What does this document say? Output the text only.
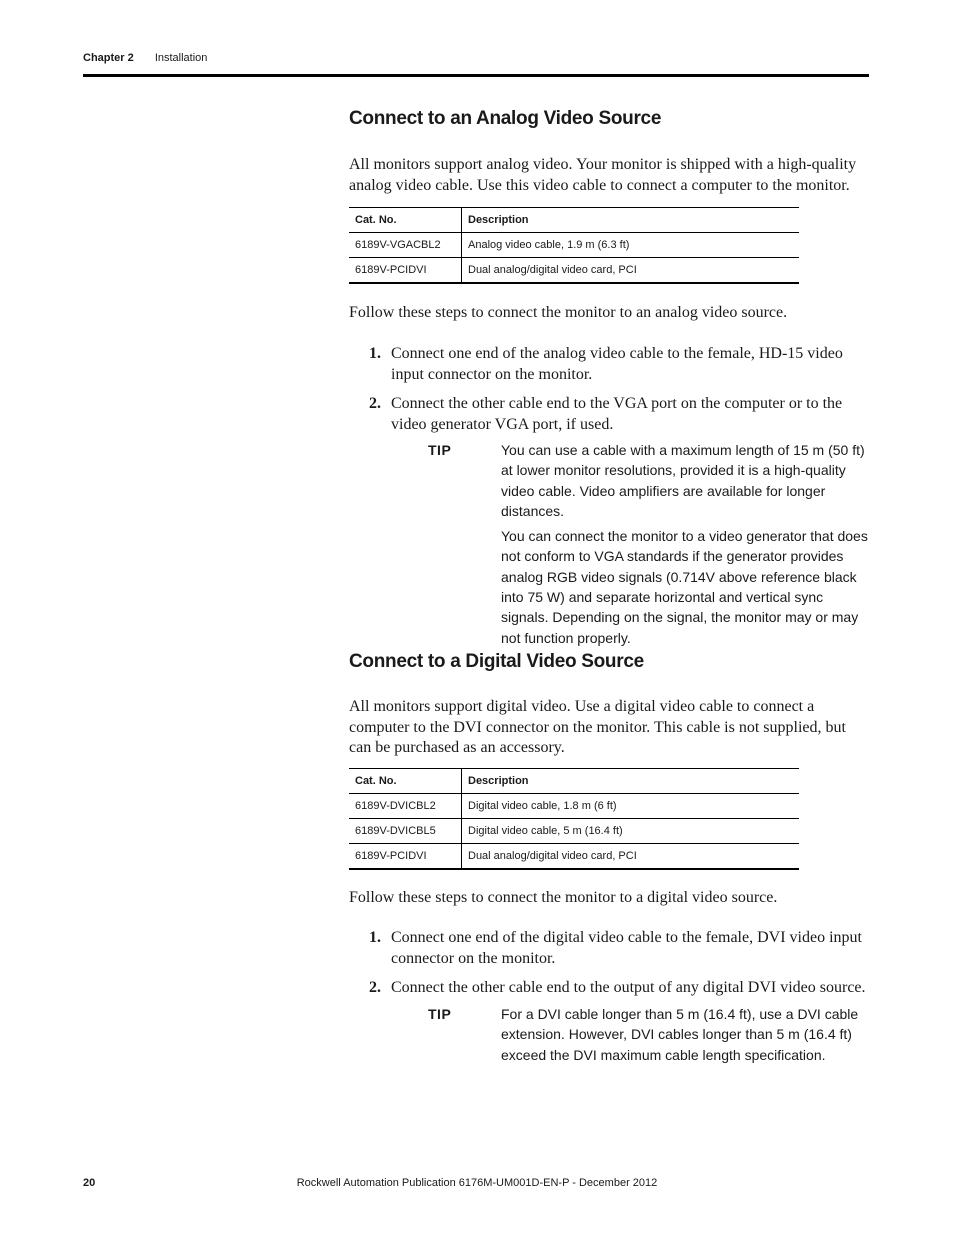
Chapter 2 Installation
Connect to an Analog Video Source

All monitors support analog video. Your monitor is shipped with a high-quality analog video cable. Use this video cable to connect a computer to the monitor.

Cat. No.	Description
6189V-VGACBL2	Analog video cable, 1.9 m (6.3 ft)
6189V-PCIDVI	Dual analog/digital video card, PCI

Follow these steps to connect the monitor to an analog video source.

1. Connect one end of the analog video cable to the female, HD-15 video input connector on the monitor.
2. Connect the other cable end to the VGA port on the computer or to the video generator VGA port, if used.
TIP	You can use a cable with a maximum length of 15 m (50 ft) at lower monitor resolutions, provided it is a high-quality video cable. Video amplifiers are available for longer distances.

You can connect the monitor to a video generator that does not conform to VGA standards if the generator provides analog RGB video signals (0.714V above reference black into 75 W) and separate horizontal and vertical sync signals. Depending on the signal, the monitor may or may not function properly.

Connect to a Digital Video Source

All monitors support digital video. Use a digital video cable to connect a computer to the DVI connector on the monitor. This cable is not supplied, but can be purchased as an accessory.

Cat. No.	Description
6189V-DVICBL2	Digital video cable, 1.8 m (6 ft)
6189V-DVICBL5	Digital video cable, 5 m (16.4 ft)
6189V-PCIDVI	Dual analog/digital video card, PCI

Follow these steps to connect the monitor to a digital video source.

1. Connect one end of the digital video cable to the female, DVI video input connector on the monitor.
2. Connect the other cable end to the output of any digital DVI video source.
TIP	For a DVI cable longer than 5 m (16.4 ft), use a DVI cable extension. However, DVI cables longer than 5 m (16.4 ft) exceed the DVI maximum cable length specification.

20	Rockwell Automation Publication 6176M-UM001D-EN-P - December 2012
